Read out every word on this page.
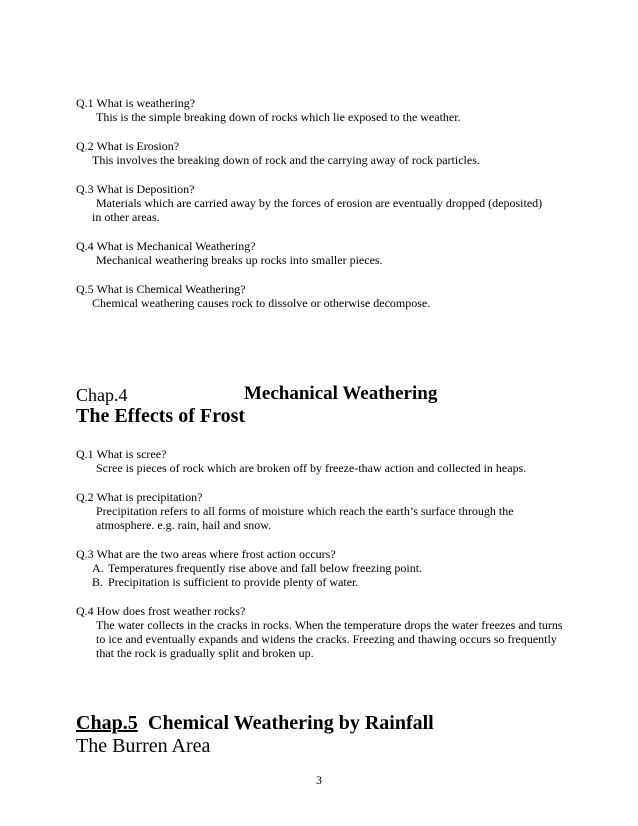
Q.1 What is weathering?
This is the simple breaking down of rocks which lie exposed to the weather.
Q.2 What is Erosion?
This involves the breaking down of rock and the carrying away of rock particles.
Q.3 What is Deposition?
Materials which are carried away by the forces of erosion are eventually dropped (deposited)
in other areas.
Q.4 What is Mechanical Weathering?
Mechanical weathering breaks up rocks into smaller pieces.
Q.5 What is Chemical Weathering?
Chemical weathering causes rock to dissolve or otherwise decompose.
Chap.4	Mechanical Weathering
The Effects of Frost
Q.1 What is scree?
Scree is pieces of rock which are broken off by freeze-thaw action and collected in heaps.
Q.2 What is precipitation?
Precipitation refers to all forms of moisture which reach the earth’s surface through the
atmosphere. e.g. rain, hail and snow.
Q.3 What are the two areas where frost action occurs?
A. Temperatures frequently rise above and fall below freezing point.
B. Precipitation is sufficient to provide plenty of water.
Q.4 How does frost weather rocks?
The water collects in the cracks in rocks. When the temperature drops the water freezes and turns
to ice and eventually expands and widens the cracks. Freezing and thawing occurs so frequently
that the rock is gradually split and broken up.
Chap.5 Chemical Weathering by Rainfall
The Burren Area
3
